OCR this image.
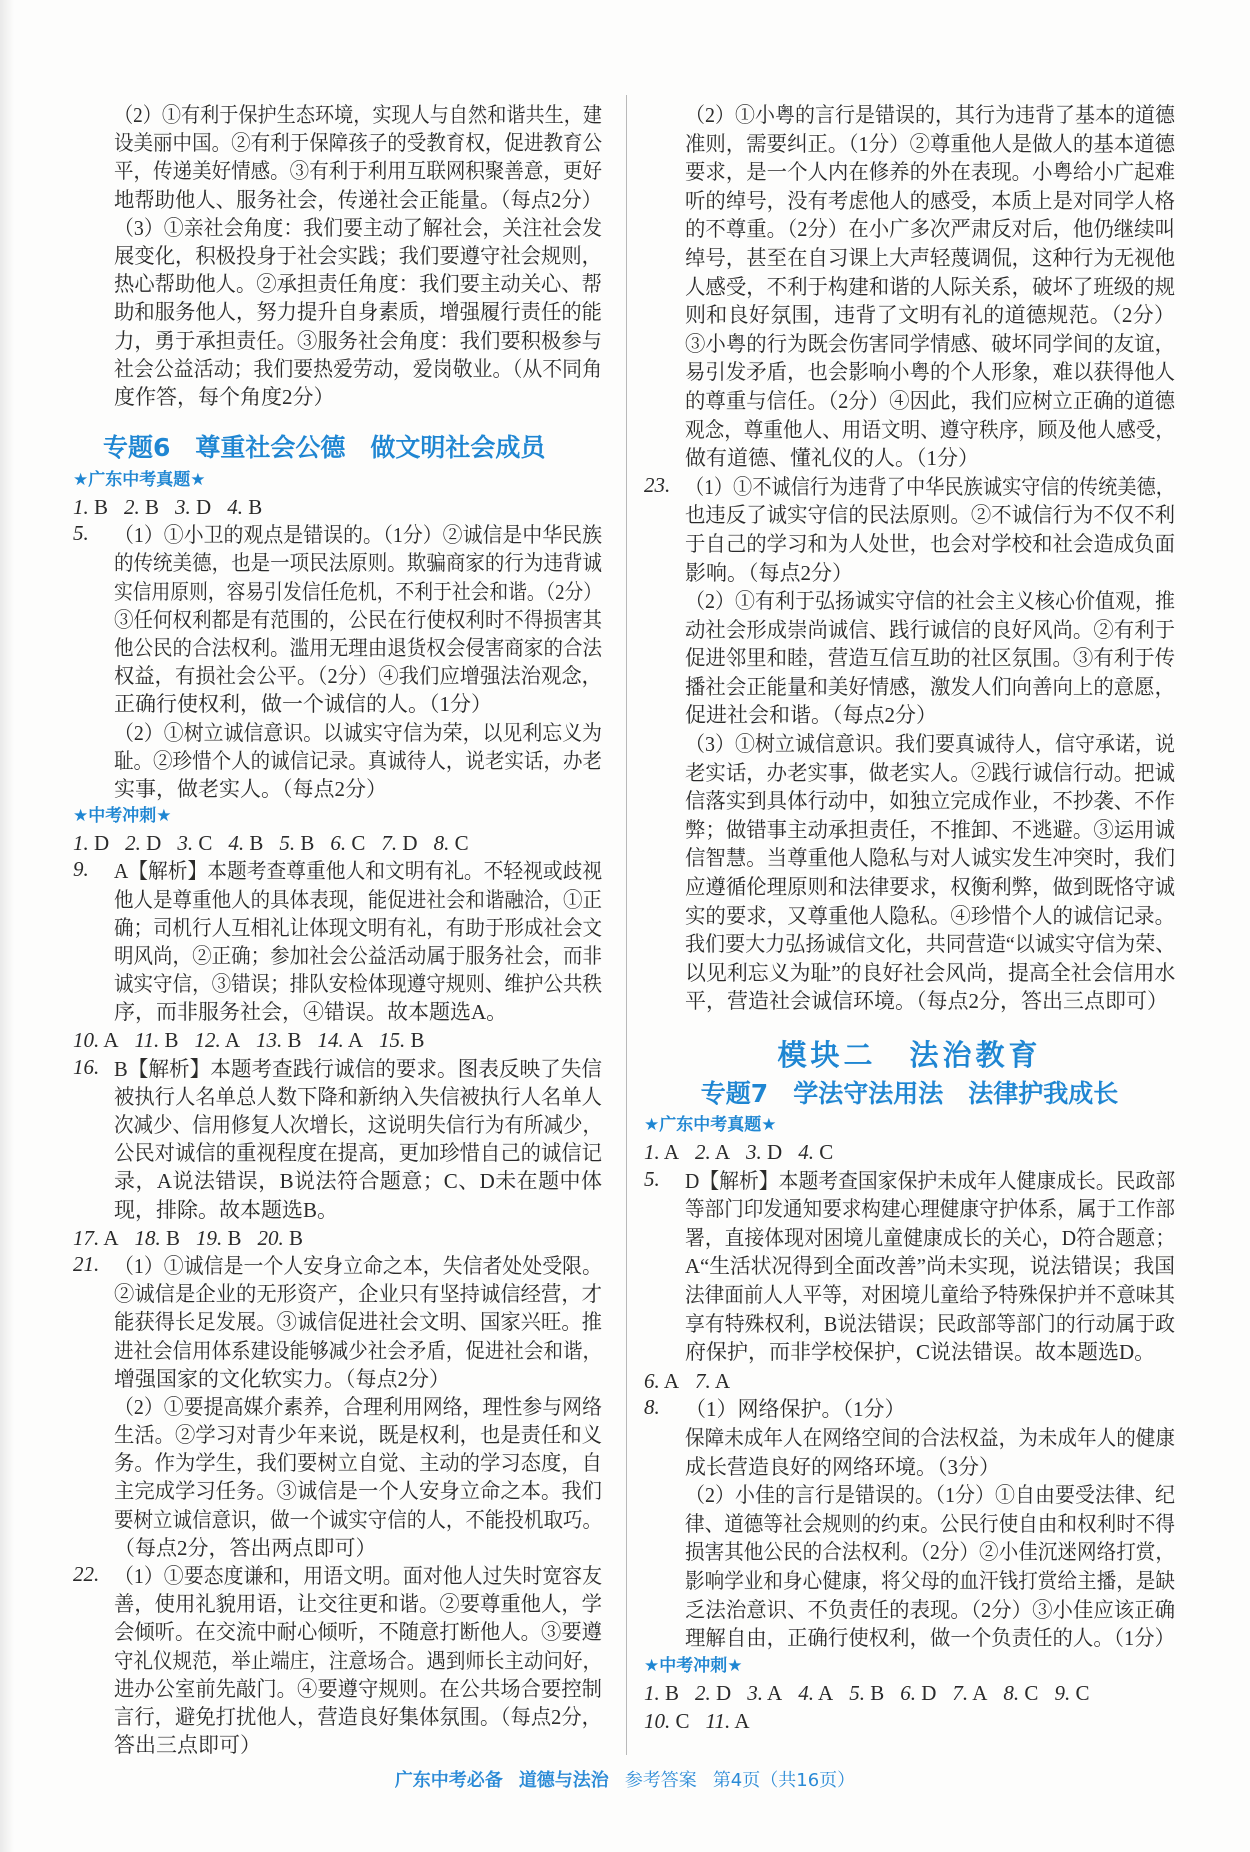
（2）①有利于保护生态环境，实现人与自然和谐共生，建
设美丽中国。②有利于保障孩子的受教育权，促进教育公
平，传递美好情感。③有利于利用互联网积聚善意，更好
地帮助他人、服务社会，传递社会正能量。（每点2分）
（3）①亲社会角度：我们要主动了解社会，关注社会发
展变化，积极投身于社会实践；我们要遵守社会规则，
热心帮助他人。②承担责任角度：我们要主动关心、帮
助和服务他人，努力提升自身素质，增强履行责任的能
力，勇于承担责任。③服务社会角度：我们要积极参与
社会公益活动；我们要热爱劳动，爱岗敬业。（从不同角
度作答，每个角度2分）
专题6　尊重社会公德　做文明社会成员
★广东中考真题★
1. B 2. B 3. D 4. B
5. （1）①小卫的观点是错误的。（1分）②诚信是中华民族
的传统美德，也是一项民法原则。欺骗商家的行为违背诚
实信用原则，容易引发信任危机，不利于社会和谐。（2分）
③任何权利都是有范围的，公民在行使权利时不得损害其
他公民的合法权利。滥用无理由退货权会侵害商家的合法
权益，有损社会公平。（2分）④我们应增强法治观念，
正确行使权利，做一个诚信的人。（1分）
（2）①树立诚信意识。以诚实守信为荣，以见利忘义为
耻。②珍惜个人的诚信记录。真诚待人，说老实话，办老
实事，做老实人。（每点2分）
★中考冲刺★
1. D 2. D 3. C 4. B 5. B 6. C 7. D 8. C
9. A【解析】本题考查尊重他人和文明有礼。不轻视或歧视
他人是尊重他人的具体表现，能促进社会和谐融洽，①正
确；司机行人互相礼让体现文明有礼，有助于形成社会文
明风尚，②正确；参加社会公益活动属于服务社会，而非
诚实守信，③错误；排队安检体现遵守规则、维护公共秩
序，而非服务社会，④错误。故本题选A。
10. A 11. B 12. A 13. B 14. A 15. B
16. B【解析】本题考查践行诚信的要求。图表反映了失信
被执行人名单总人数下降和新纳入失信被执行人名单人
次减少、信用修复人次增长，这说明失信行为有所减少，
公民对诚信的重视程度在提高，更加珍惜自己的诚信记
录，A说法错误，B说法符合题意；C、D未在题中体
现，排除。故本题选B。
17. A 18. B 19. B 20. B
21. （1）①诚信是一个人安身立命之本，失信者处处受限。
②诚信是企业的无形资产，企业只有坚持诚信经营，才
能获得长足发展。③诚信促进社会文明、国家兴旺。推
进社会信用体系建设能够减少社会矛盾，促进社会和谐，
增强国家的文化软实力。（每点2分）
（2）①要提高媒介素养，合理利用网络，理性参与网络
生活。②学习对青少年来说，既是权利，也是责任和义
务。作为学生，我们要树立自觉、主动的学习态度，自
主完成学习任务。③诚信是一个人安身立命之本。我们
要树立诚信意识，做一个诚实守信的人，不能投机取巧。
（每点2分，答出两点即可）
22. （1）①要态度谦和，用语文明。面对他人过失时宽容友
善，使用礼貌用语，让交往更和谐。②要尊重他人，学
会倾听。在交流中耐心倾听，不随意打断他人。③要遵
守礼仪规范，举止端庄，注意场合。遇到师长主动问好，
进办公室前先敲门。④要遵守规则。在公共场合要控制
言行，避免打扰他人，营造良好集体氛围。（每点2分，
答出三点即可）
（2）①小粤的言行是错误的，其行为违背了基本的道德
准则，需要纠正。（1分）②尊重他人是做人的基本道德
要求，是一个人内在修养的外在表现。小粤给小广起难
听的绰号，没有考虑他人的感受，本质上是对同学人格
的不尊重。（2分）在小广多次严肃反对后，他仍继续叫
绰号，甚至在自习课上大声轻蔑调侃，这种行为无视他
人感受，不利于构建和谐的人际关系，破坏了班级的规
则和良好氛围，违背了文明有礼的道德规范。（2分）
③小粤的行为既会伤害同学情感、破坏同学间的友谊，
易引发矛盾，也会影响小粤的个人形象，难以获得他人
的尊重与信任。（2分）④因此，我们应树立正确的道德
观念，尊重他人、用语文明、遵守秩序，顾及他人感受，
做有道德、懂礼仪的人。（1分）
23. （1）①不诚信行为违背了中华民族诚实守信的传统美德，
也违反了诚实守信的民法原则。②不诚信行为不仅不利
于自己的学习和为人处世，也会对学校和社会造成负面
影响。（每点2分）
（2）①有利于弘扬诚实守信的社会主义核心价值观，推
动社会形成崇尚诚信、践行诚信的良好风尚。②有利于
促进邻里和睦，营造互信互助的社区氛围。③有利于传
播社会正能量和美好情感，激发人们向善向上的意愿，
促进社会和谐。（每点2分）
（3）①树立诚信意识。我们要真诚待人，信守承诺，说
老实话，办老实事，做老实人。②践行诚信行动。把诚
信落实到具体行动中，如独立完成作业，不抄袭、不作
弊；做错事主动承担责任，不推卸、不逃避。③运用诚
信智慧。当尊重他人隐私与对人诚实发生冲突时，我们
应遵循伦理原则和法律要求，权衡利弊，做到既恪守诚
实的要求，又尊重他人隐私。④珍惜个人的诚信记录。
我们要大力弘扬诚信文化，共同营造“以诚实守信为荣、
以见利忘义为耻”的良好社会风尚，提高全社会信用水
平，营造社会诚信环境。（每点2分，答出三点即可）
模块二　法治教育
专题7　学法守法用法　法律护我成长
★广东中考真题★
1. A 2. A 3. D 4. C
5. D【解析】本题考查国家保护未成年人健康成长。民政部
等部门印发通知要求构建心理健康守护体系，属于工作部
署，直接体现对困境儿童健康成长的关心，D符合题意；
A“生活状况得到全面改善”尚未实现，说法错误；我国
法律面前人人平等，对困境儿童给予特殊保护并不意味其
享有特殊权利，B说法错误；民政部等部门的行动属于政
府保护，而非学校保护，C说法错误。故本题选D。
6. A 7. A
8. （1）网络保护。（1分）
保障未成年人在网络空间的合法权益，为未成年人的健康
成长营造良好的网络环境。（3分）
（2）小佳的言行是错误的。（1分）①自由要受法律、纪
律、道德等社会规则的约束。公民行使自由和权利时不得
损害其他公民的合法权利。（2分）②小佳沉迷网络打赏，
影响学业和身心健康，将父母的血汗钱打赏给主播，是缺
乏法治意识、不负责任的表现。（2分）③小佳应该正确
理解自由，正确行使权利，做一个负责任的人。（1分）
★中考冲刺★
1. B 2. D 3. A 4. A 5. B 6. D 7. A 8. C 9. C
10. C 11. A
广东中考必备 道德与法治 参考答案 第4页（共16页）
